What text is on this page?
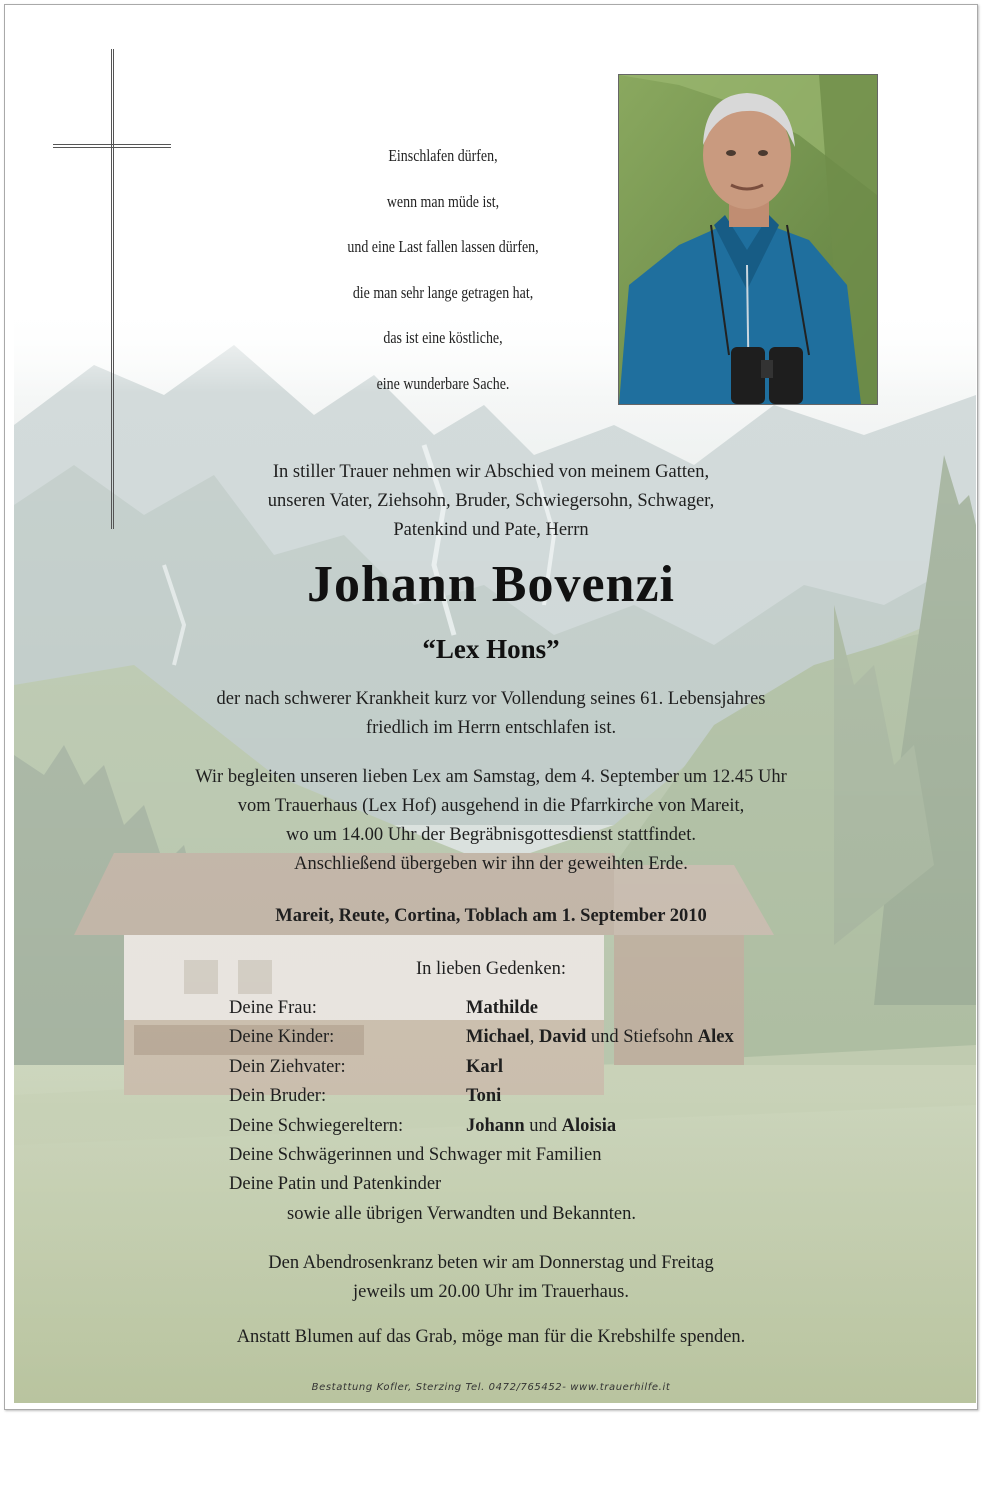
Einschlafen dürfen,
wenn man müde ist,
und eine Last fallen lassen dürfen,
die man sehr lange getragen hat,
das ist eine köstliche,
eine wunderbare Sache.
In stiller Trauer nehmen wir Abschied von meinem Gatten,
unseren Vater, Ziehsohn, Bruder, Schwiegersohn, Schwager,
Patenkind und Pate, Herrn
Johann Bovenzi
“Lex Hons”
der nach schwerer Krankheit kurz vor Vollendung seines 61. Lebensjahres
friedlich im Herrn entschlafen ist.
Wir begleiten unseren lieben Lex am Samstag, dem 4. September um 12.45 Uhr
vom Trauerhaus (Lex Hof) ausgehend in die Pfarrkirche von Mareit,
wo um 14.00 Uhr der Begräbnisgottesdienst stattfindet.
Anschließend übergeben wir ihn der geweihten Erde.
Mareit, Reute, Cortina, Toblach am 1. September 2010
In lieben Gedenken:
Deine Frau:	Mathilde
Deine Kinder:	Michael, David und Stiefsohn Alex
Dein Ziehvater:	Karl
Dein Bruder:	Toni
Deine Schwiegereltern:	Johann und Aloisia
Deine Schwägerinnen und Schwager mit Familien
Deine Patin und Patenkinder
sowie alle übrigen Verwandten und Bekannten.
Den Abendrosenkranz beten wir am Donnerstag und Freitag
jeweils um 20.00 Uhr im Trauerhaus.
Anstatt Blumen auf das Grab, möge man für die Krebshilfe spenden.
Bestattung Kofler, Sterzing Tel. 0472/765452- www.trauerhilfe.it
